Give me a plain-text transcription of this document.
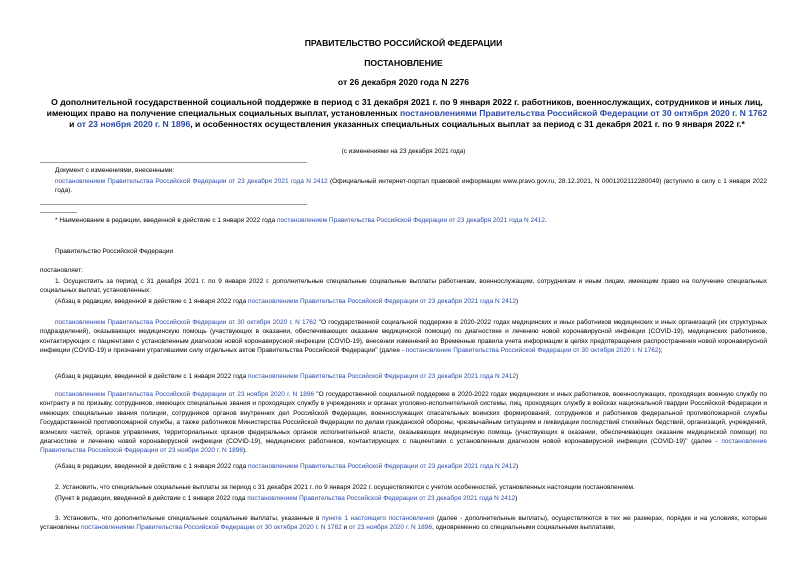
ПРАВИТЕЛЬСТВО РОССИЙСКОЙ ФЕДЕРАЦИИ
ПОСТАНОВЛЕНИЕ
от 26 декабря 2020 года N 2276
О дополнительной государственной социальной поддержке в период с 31 декабря 2021 г. по 9 января 2022 г. работников, военнослужащих, сотрудников и иных лиц, имеющих право на получение специальных социальных выплат, установленных постановлениями Правительства Российской Федерации от 30 октября 2020 г. N 1762 и от 23 ноября 2020 г. N 1896, и особенностях осуществления указанных специальных социальных выплат за период с 31 декабря 2021 г. по 9 января 2022 г.*
(с изменениями на 23 декабря 2021 года)
Документ с изменениями, внесенными:
постановлением Правительства Российской Федерации от 23 декабря 2021 года N 2412 (Официальный интернет-портал правовой информации www.pravo.gov.ru, 28.12.2021, N 0001202112280049) (вступило в силу с 1 января 2022 года).
* Наименование в редакции, введенной в действие с 1 января 2022 года постановлением Правительства Российской Федерации от 23 декабря 2021 года N 2412.
Правительство Российской Федерации
постановляет:
1. Осуществить за период с 31 декабря 2021 г. по 9 января 2022 г. дополнительные специальные социальные выплаты работникам, военнослужащим, сотрудникам и иным лицам, имеющим право на получение специальных социальных выплат, установленных:
(Абзац в редакции, введенной в действие с 1 января 2022 года постановлением Правительства Российской Федерации от 23 декабря 2021 года N 2412)
постановлением Правительства Российской Федерации от 30 октября 2020 г. N 1762 "О государственной социальной поддержке в 2020-2022 годах медицинских и иных работников медицинских и иных организаций (их структурных подразделений), оказывающих медицинскую помощь (участвующих в оказании, обеспечивающих оказание медицинской помощи) по диагностике и лечению новой коронавирусной инфекции (COVID-19), медицинских работников, контактирующих с пациентами с установленным диагнозом новой коронавирусной инфекции (COVID-19), внесении изменений во Временные правила учета информации в целях предотвращения распространения новой коронавирусной инфекции (COVID-19) и признании утратившими силу отдельных актов Правительства Российской Федерации" (далее - постановление Правительства Российской Федерации от 30 октября 2020 г. N 1762);
(Абзац в редакции, введенной в действие с 1 января 2022 года постановлением Правительства Российской Федерации от 23 декабря 2021 года N 2412)
постановлением Правительства Российской Федерации от 23 ноября 2020 г. N 1896 "О государственной социальной поддержке в 2020-2022 годах медицинских и иных работников, военнослужащих, проходящих военную службу по контракту и по призыву, сотрудников, имеющих специальные звания и проходящих службу в учреждениях и органах уголовно-исполнительной системы, лиц, проходящих службу в войсках национальной гвардии Российской Федерации и имеющих специальные звания полиции, сотрудников органов внутренних дел Российской Федерации, военнослужащих спасательных воинских формирований, сотрудников и работников федеральной противопожарной службы Государственной противопожарной службы, а также работников Министерства Российской Федерации по делам гражданской обороны, чрезвычайным ситуациям и ликвидации последствий стихийных бедствий, организаций, учреждений, воинских частей, органов управления, территориальных органов федеральных органов исполнительной власти, оказывающих медицинскую помощь (участвующих в оказании, обеспечивающих оказание медицинской помощи) по диагностике и лечению новой коронавирусной инфекции (COVID-19), медицинских работников, контактирующих с пациентами с установленным диагнозом новой коронавирусной инфекции (COVID-19)" (далее - постановление Правительства Российской Федерации от 23 ноября 2020 г. N 1896).
(Абзац в редакции, введенной в действие с 1 января 2022 года постановлением Правительства Российской Федерации от 23 декабря 2021 года N 2412)
2. Установить, что специальные социальные выплаты за период с 31 декабря 2021 г. по 9 января 2022 г. осуществляются с учетом особенностей, установленных настоящим постановлением.
(Пункт в редакции, введенной в действие с 1 января 2022 года постановлением Правительства Российской Федерации от 23 декабря 2021 года N 2412)
3. Установить, что дополнительные специальные социальные выплаты, указанные в пункте 1 настоящего постановления (далее - дополнительные выплаты), осуществляются в тех же размерах, порядке и на условиях, которые установлены постановлениями Правительства Российской Федерации от 30 октября 2020 г. N 1762 и от 23 ноября 2020 г. N 1896, одновременно со специальными социальными выплатами,
